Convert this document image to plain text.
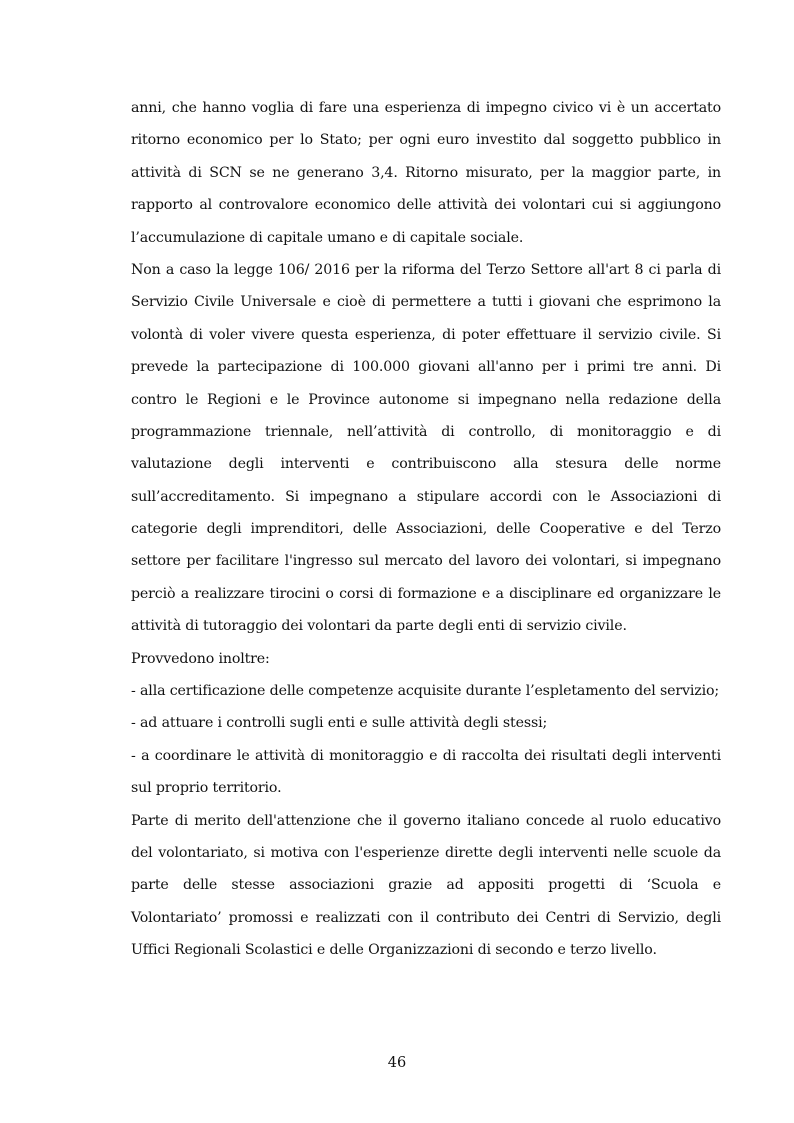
anni, che hanno voglia di fare una esperienza di impegno civico vi è un accertato
ritorno economico per lo Stato; per ogni euro investito dal soggetto pubblico in
attività di SCN se ne generano 3,4. Ritorno misurato, per la maggior parte, in
rapporto al controvalore economico delle attività dei volontari cui si aggiungono
l’accumulazione di capitale umano e di capitale sociale.
Non a caso la legge 106/ 2016 per la riforma del Terzo Settore all'art 8 ci parla di
Servizio Civile Universale e cioè di permettere a tutti i giovani che esprimono la
volontà di voler vivere questa esperienza, di poter effettuare il servizio civile. Si
prevede la partecipazione di 100.000 giovani all'anno per i primi tre anni. Di
contro le Regioni e le Province autonome si impegnano nella redazione della
programmazione triennale, nell’attività di controllo, di monitoraggio e di
valutazione degli interventi e contribuiscono alla stesura delle norme
sull’accreditamento. Si impegnano a stipulare accordi con le Associazioni di
categorie degli imprenditori, delle Associazioni, delle Cooperative e del Terzo
settore per facilitare l'ingresso sul mercato del lavoro dei volontari, si impegnano
perciò a realizzare tirocini o corsi di formazione e a disciplinare ed organizzare le
attività di tutoraggio dei volontari da parte degli enti di servizio civile.
Provvedono inoltre:
- alla certificazione delle competenze acquisite durante l’espletamento del servizio;
- ad attuare i controlli sugli enti e sulle attività degli stessi;
- a coordinare le attività di monitoraggio e di raccolta dei risultati degli interventi
sul proprio territorio.
Parte di merito dell'attenzione che il governo italiano concede al ruolo educativo
del volontariato, si motiva con l'esperienze dirette degli interventi nelle scuole da
parte delle stesse associazioni grazie ad appositi progetti di ‘Scuola e
Volontariato’ promossi e realizzati con il contributo dei Centri di Servizio, degli
Uffici Regionali Scolastici e delle Organizzazioni di secondo e terzo livello.
46
